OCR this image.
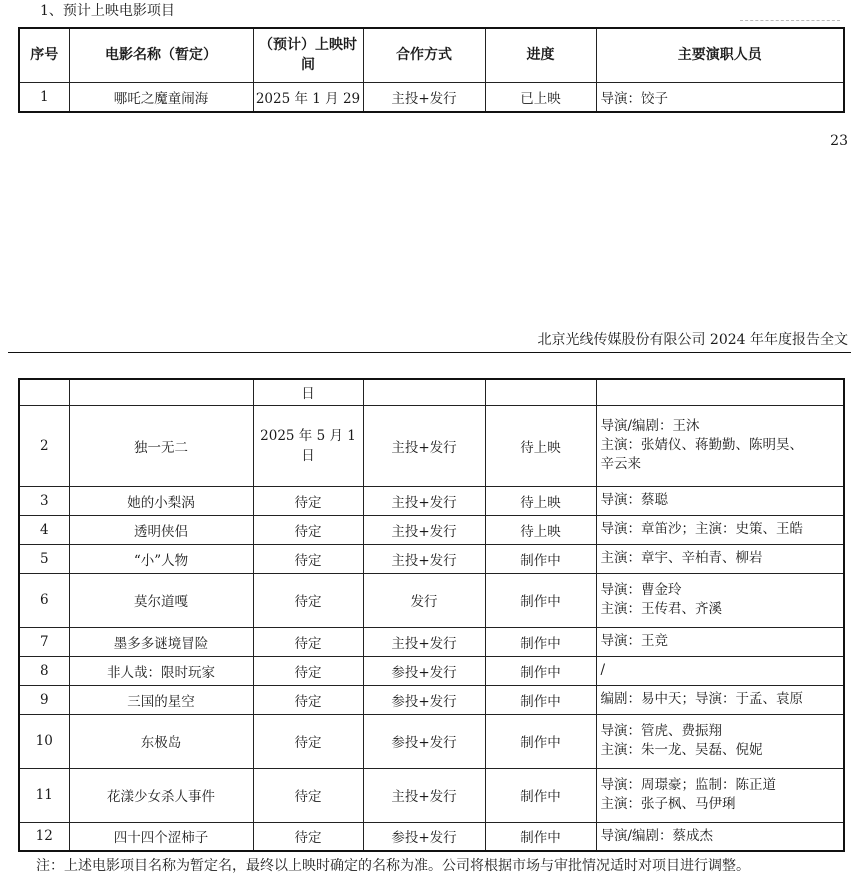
1、预计上映电影项目
序号	电影名称（暂定）	（预计）上映时间	合作方式	进度	主要演职人员
1	哪吒之魔童闹海	2025 年 1 月 29	主投+发行	已上映	导演：饺子
23
北京光线传媒股份有限公司 2024 年年度报告全文
		日			
2	独一无二	2025 年 5 月 1 日	主投+发行	待上映	导演/编剧：王沐
主演：张婧仪、蒋勤勤、陈明昊、
辛云来

3	她的小梨涡	待定	主投+发行	待上映	导演：蔡聪

4	透明侠侣	待定	主投+发行	待上映	导演：章笛沙；主演：史策、王皓

5	“小”人物	待定	主投+发行	制作中	主演：章宇、辛柏青、柳岩

6	莫尔道嘎	待定	发行	制作中	导演：曹金玲
主演：王传君、齐溪

7	墨多多谜境冒险	待定	主投+发行	制作中	导演：王竞

8	非人哉：限时玩家	待定	参投+发行	制作中	/

9	三国的星空	待定	参投+发行	制作中	编剧：易中天；导演：于孟、袁原

10	东极岛	待定	参投+发行	制作中	导演：管虎、费振翔
主演：朱一龙、吴磊、倪妮

11	花漾少女杀人事件	待定	主投+发行	制作中	导演：周璟豪；监制：陈正道
主演：张子枫、马伊琍

12	四十四个涩柿子	待定	参投+发行	制作中	导演/编剧：蔡成杰
注：上述电影项目名称为暂定名，最终以上映时确定的名称为准。公司将根据市场与审批情况适时对项目进行调整。
